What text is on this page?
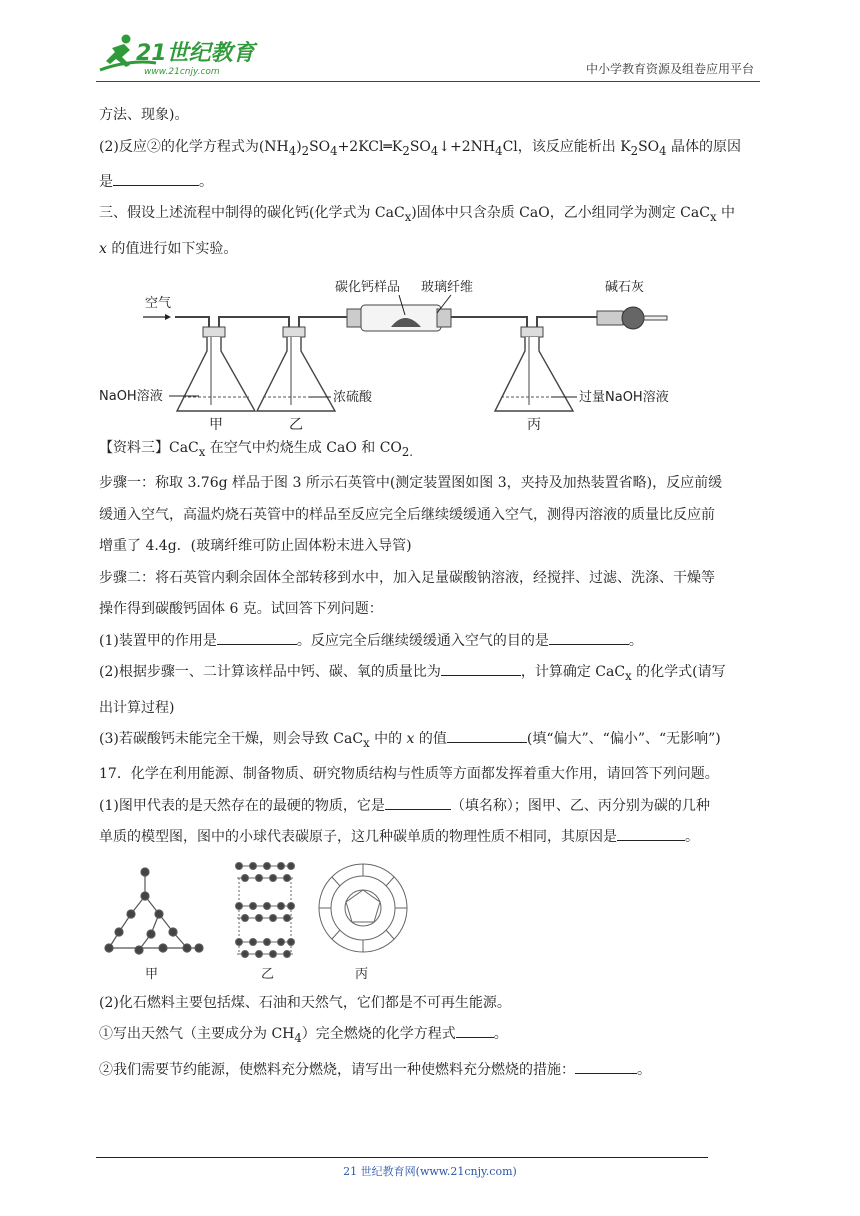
21世纪教育
www.21cnjy.com	中小学教育资源及组卷应用平台

方法、现象)。

(2)反应②的化学方程式为$(NH_4)_2SO_4+2KCl═K_2SO_4↓+2NH_4Cl$，该反应能析出 $K_2SO_4$ 晶体的原因

是	。

三、假设上述流程中制得的碳化钙(化学式为 CaC$_x$)固体中只含杂质 CaO，乙小组同学为测定 CaC$_x$ 中

x 的值进行如下实验。

空气
碳化钙样品 玻璃纤维	碱石灰
NaOH溶液	浓硫酸	过量NaOH溶液
甲	乙	丙

【资料三】CaC$_x$ 在空气中灼烧生成 CaO 和 $CO_{2.}$

步骤一：称取 3.76g 样品于图 3 所示石英管中(测定装置图如图 3，夹持及加热装置省略)，反应前缓

缓通入空气，高温灼烧石英管中的样品至反应完全后继续缓缓通入空气，测得丙溶液的质量比反应前

增重了 4.4g．(玻璃纤维可防止固体粉末进入导管)

步骤二：将石英管内剩余固体全部转移到水中，加入足量碳酸钠溶液，经搅拌、过滤、洗涤、干燥等

操作得到碳酸钙固体 6 克。试回答下列问题：

(1)装置甲的作用是	。反应完全后继续缓缓通入空气的目的是	。

(2)根据步骤一、二计算该样品中钙、碳、氧的质量比为	，计算确定 CaC$_x$ 的化学式(请写

出计算过程)

(3)若碳酸钙未能完全干燥，则会导致 CaC$_x$ 中的 x 的值	(填“偏大”、“偏小”、“无影响”)

17．化学在利用能源、制备物质、研究物质结构与性质等方面都发挥着重大作用，请回答下列问题。

(1)图甲代表的是天然存在的最硬的物质，它是	（填名称）；图甲、乙、丙分别为碳的几种

单质的模型图，图中的小球代表碳原子，这几种碳单质的物理性质不相同，其原因是	。

甲	乙	丙

(2)化石燃料主要包括煤、石油和天然气，它们都是不可再生能源。

①写出天然气（主要成分为 $CH_4$）完全燃烧的化学方程式	。

②我们需要节约能源，使燃料充分燃烧，请写出一种使燃料充分燃烧的措施：	。

21 世纪教育网(www.21cnjy.com)
